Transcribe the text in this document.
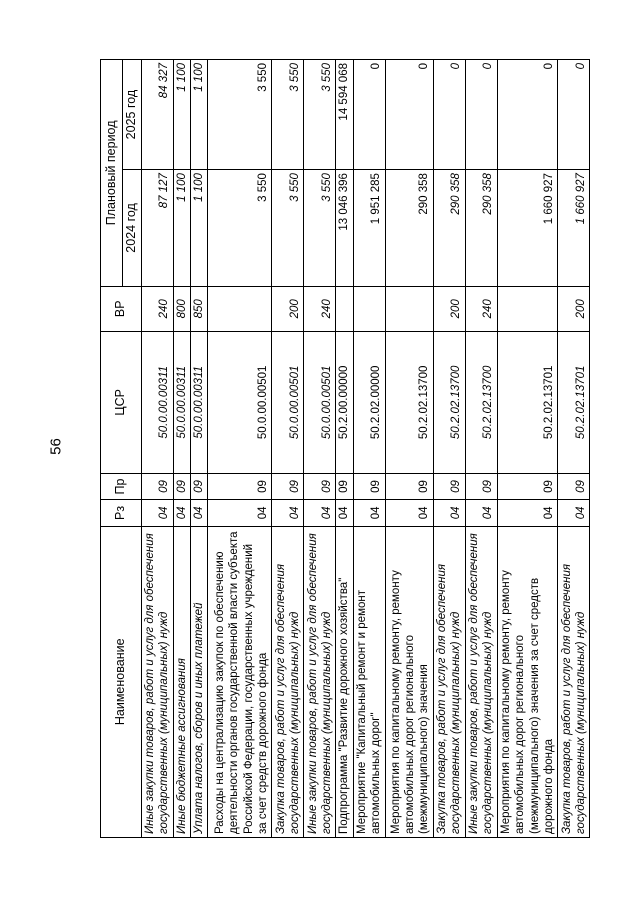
56
Наименование	Рз	Пр	ЦСР	ВР	Плановый период	
					2024 год	2025 год
Иные закупки товаров, работ и услуг для обеспечения государственных (муниципальных) нужд	04	09	50.0.00.00311	240	87 127	84 327
Иные бюджетные ассигнования	04	09	50.0.00.00311	800	1 100	1 100
Уплата налогов, сборов и иных платежей	04	09	50.0.00.00311	850	1 100	1 100
Расходы на централизацию закупок по обеспечению деятельности органов государственной власти субъекта Российской Федерации, государственных учреждений за счет средств дорожного фонда	04	09	50.0.00.00501		3 550	3 550
Закупка товаров, работ и услуг для обеспечения государственных (муниципальных) нужд	04	09	50.0.00.00501	200	3 550	3 550
Иные закупки товаров, работ и услуг для обеспечения государственных (муниципальных) нужд	04	09	50.0.00.00501	240	3 550	3 550
Подпрограмма "Развитие дорожного хозяйства"	04	09	50.2.00.00000		13 046 396	14 594 068
Мероприятие "Капитальный ремонт и ремонт автомобильных дорог"	04	09	50.2.02.00000		1 951 285	0
Мероприятия по капитальному ремонту, ремонту автомобильных дорог регионального (межмуниципального) значения	04	09	50.2.02.13700		290 358	0
Закупка товаров, работ и услуг для обеспечения государственных (муниципальных) нужд	04	09	50.2.02.13700	200	290 358	0
Иные закупки товаров, работ и услуг для обеспечения государственных (муниципальных) нужд	04	09	50.2.02.13700	240	290 358	0
Мероприятия по капитальному ремонту, ремонту автомобильных дорог регионального (межмуниципального) значения за счет средств дорожного фонда	04	09	50.2.02.13701		1 660 927	0
Закупка товаров, работ и услуг для обеспечения государственных (муниципальных) нужд	04	09	50.2.02.13701	200	1 660 927	0
